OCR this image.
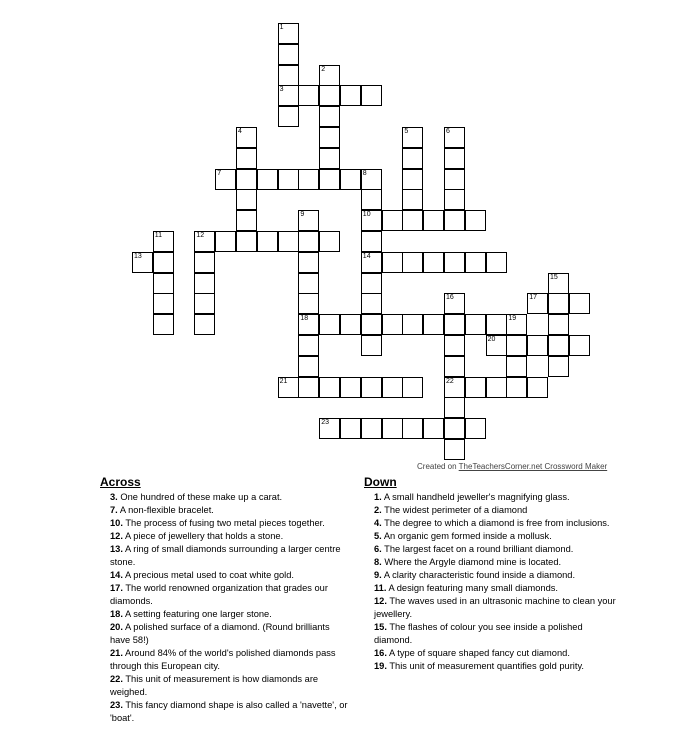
1
3
2
4	5	6
7	8
10
14
9
18
11	12
13
15
16
22
17
19
20
21
23
Created on TheTeachersCorner.net Crossword Maker
Across
3. One hundred of these make up a carat.
7. A non-flexible bracelet.
10. The process of fusing two metal pieces together.
12. A piece of jewellery that holds a stone.
13. A ring of small diamonds surrounding a larger centre stone.
14. A precious metal used to coat white gold.
17. The world renowned organization that grades our diamonds.
18. A setting featuring one larger stone.
20. A polished surface of a diamond. (Round brilliants have 58!)
21. Around 84% of the world's polished diamonds pass through this European city.
22. This unit of measurement is how diamonds are weighed.
23. This fancy diamond shape is also called a 'navette', or 'boat'.
Down
1. A small handheld jeweller's magnifying glass.
2. The widest perimeter of a diamond
4. The degree to which a diamond is free from inclusions.
5. An organic gem formed inside a mollusk.
6. The largest facet on a round brilliant diamond.
8. Where the Argyle diamond mine is located.
9. A clarity characteristic found inside a diamond.
11. A design featuring many small diamonds.
12. The waves used in an ultrasonic machine to clean your jewellery.
15. The flashes of colour you see inside a polished diamond.
16. A type of square shaped fancy cut diamond.
19. This unit of measurement quantifies gold purity.
